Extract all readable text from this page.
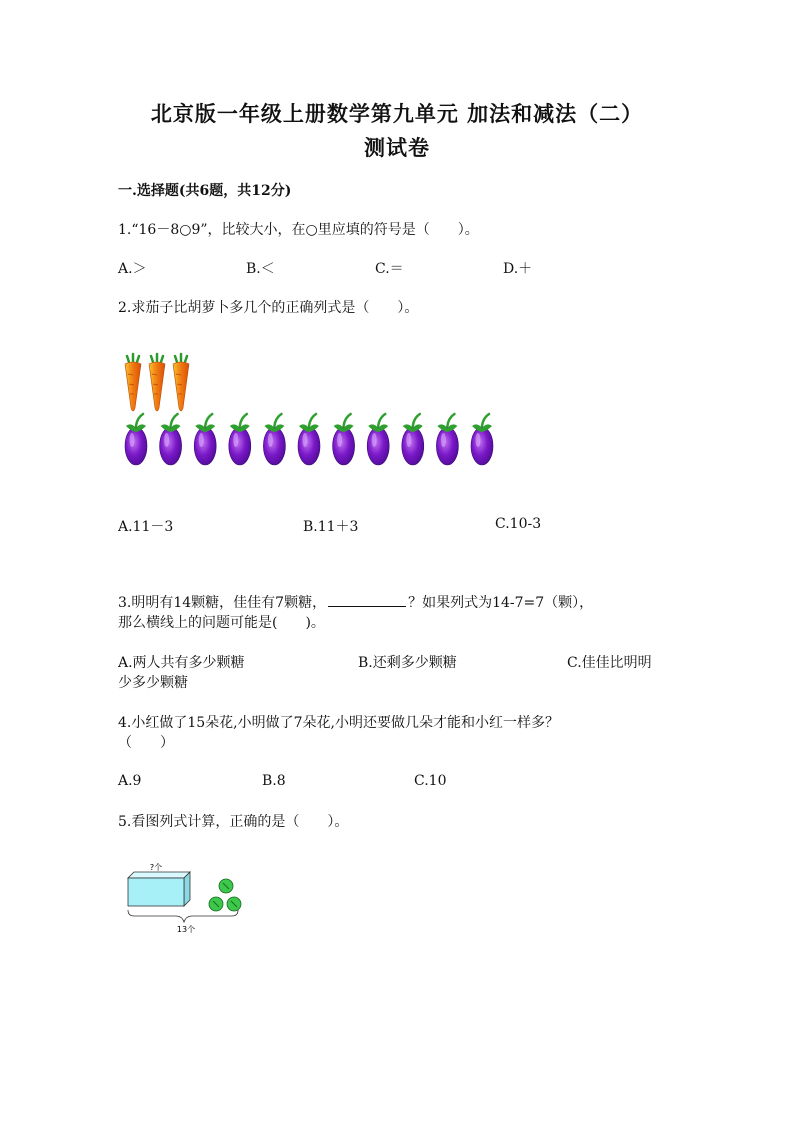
北京版一年级上册数学第九单元 加法和减法（二）
测试卷
一.选择题(共6题，共12分)
1.“16－8○9”，比较大小，在○里应填的符号是（　　）。
A.＞	B.＜	C.＝	D.＋
2.求茄子比胡萝卜多几个的正确列式是（　　）。
A.11－3	B.11＋3	C.10-3
3.明明有14颗糖，佳佳有7颗糖，	？如果列式为14-7=7（颗），
那么横线上的问题可能是(　　)。
A.两人共有多少颗糖	B.还剩多少颗糖	C.佳佳比明明
少多少颗糖
4.小红做了15朵花,小明做了7朵花,小明还要做几朵才能和小红一样多？
（　　）
A.9	B.8	C.10
5.看图列式计算，正确的是（　　）。
?个
13个
